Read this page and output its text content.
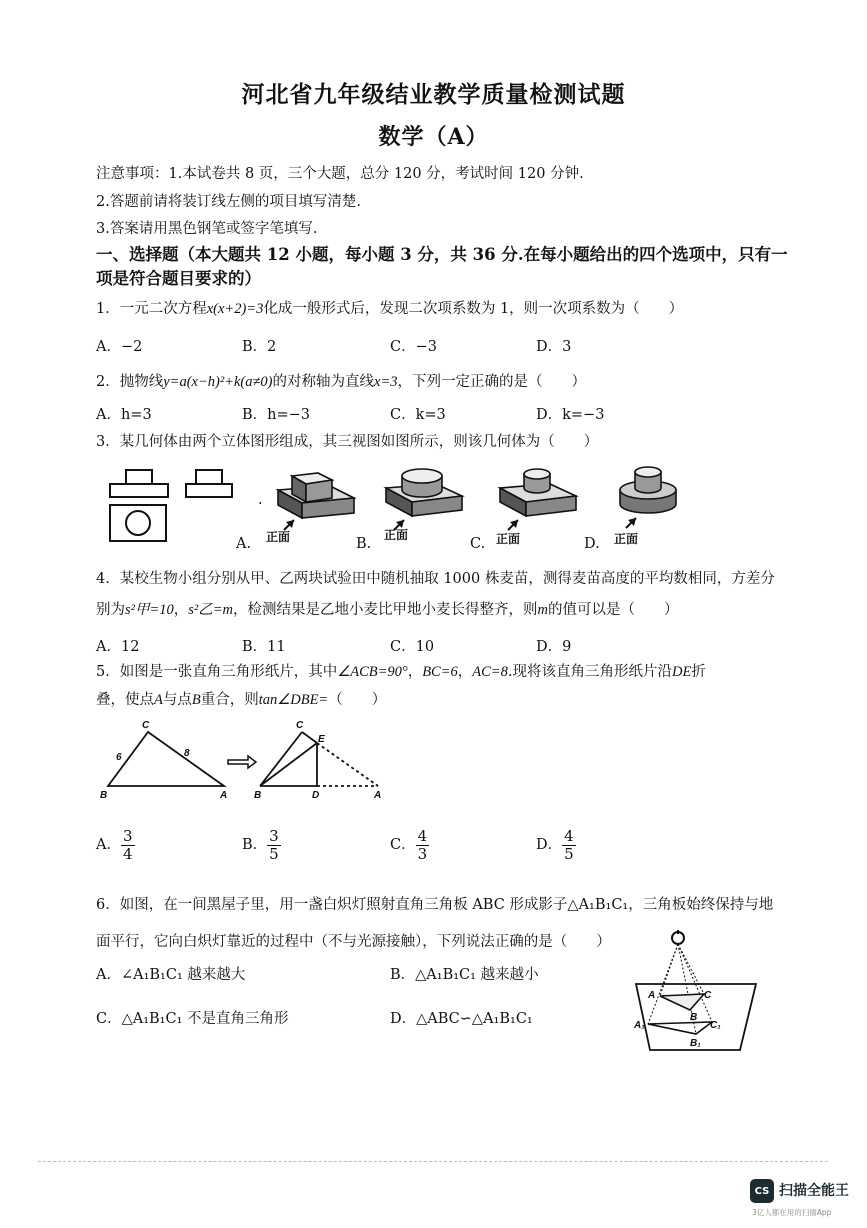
河北省九年级结业教学质量检测试题
数学（A）
注意事项：1.本试卷共 8 页，三个大题，总分 120 分，考试时间 120 分钟.
2.答题前请将装订线左侧的项目填写清楚.
3.答案请用黑色钢笔或签字笔填写.
一、选择题（本大题共 12 小题，每小题 3 分，共 36 分.在每小题给出的四个选项中，只有一
项是符合题目要求的）
1．一元二次方程x(x+2)=3化成一般形式后，发现二次项系数为 1，则一次项系数为（　　）
A．−2	B．2	C．−3	D．3
2．抛物线y=a(x−h)²+k(a≠0)的对称轴为直线x=3，下列一定正确的是（　　）
A．h=3	B．h=−3	C．k=3	D．k=−3
3．某几何体由两个立体图形组成，其三视图如图所示，则该几何体为（　　）
.
正面
A.
正面
B.	正面
C.	正面
D.
4．某校生物小组分别从甲、乙两块试验田中随机抽取 1000 株麦苗，测得麦苗高度的平均数相同，方差分
别为s²甲=10，s²乙=m，检测结果是乙地小麦比甲地小麦长得整齐，则m的值可以是（　　）
A．12	B．11	C．10	D．9
5．如图是一张直角三角形纸片，其中∠ACB=90°，BC=6，AC=8.现将该直角三角形纸片沿DE折
叠，使点A与点B重合，则tan∠DBE=（　　）
C
B	A
6	8
C
E
B	D	A
A． $\frac{3}{4}$	B． $\frac{3}{5}$	C． $\frac{4}{3}$	D． $\frac{4}{5}$
6．如图，在一间黑屋子里，用一盏白炽灯照射直角三角板 ABC 形成影子△A₁B₁C₁，三角板始终保持与地
面平行，它向白炽灯靠近的过程中（不与光源接触），下列说法正确的是（　　）
A．∠A₁B₁C₁ 越来越大	B．△A₁B₁C₁ 越来越小
C．△A₁B₁C₁ 不是直角三角形	D．△ABC∽△A₁B₁C₁
A	C
B
A₁	C₁
B₁
CS 扫描全能王
3亿人都在用的扫描App
